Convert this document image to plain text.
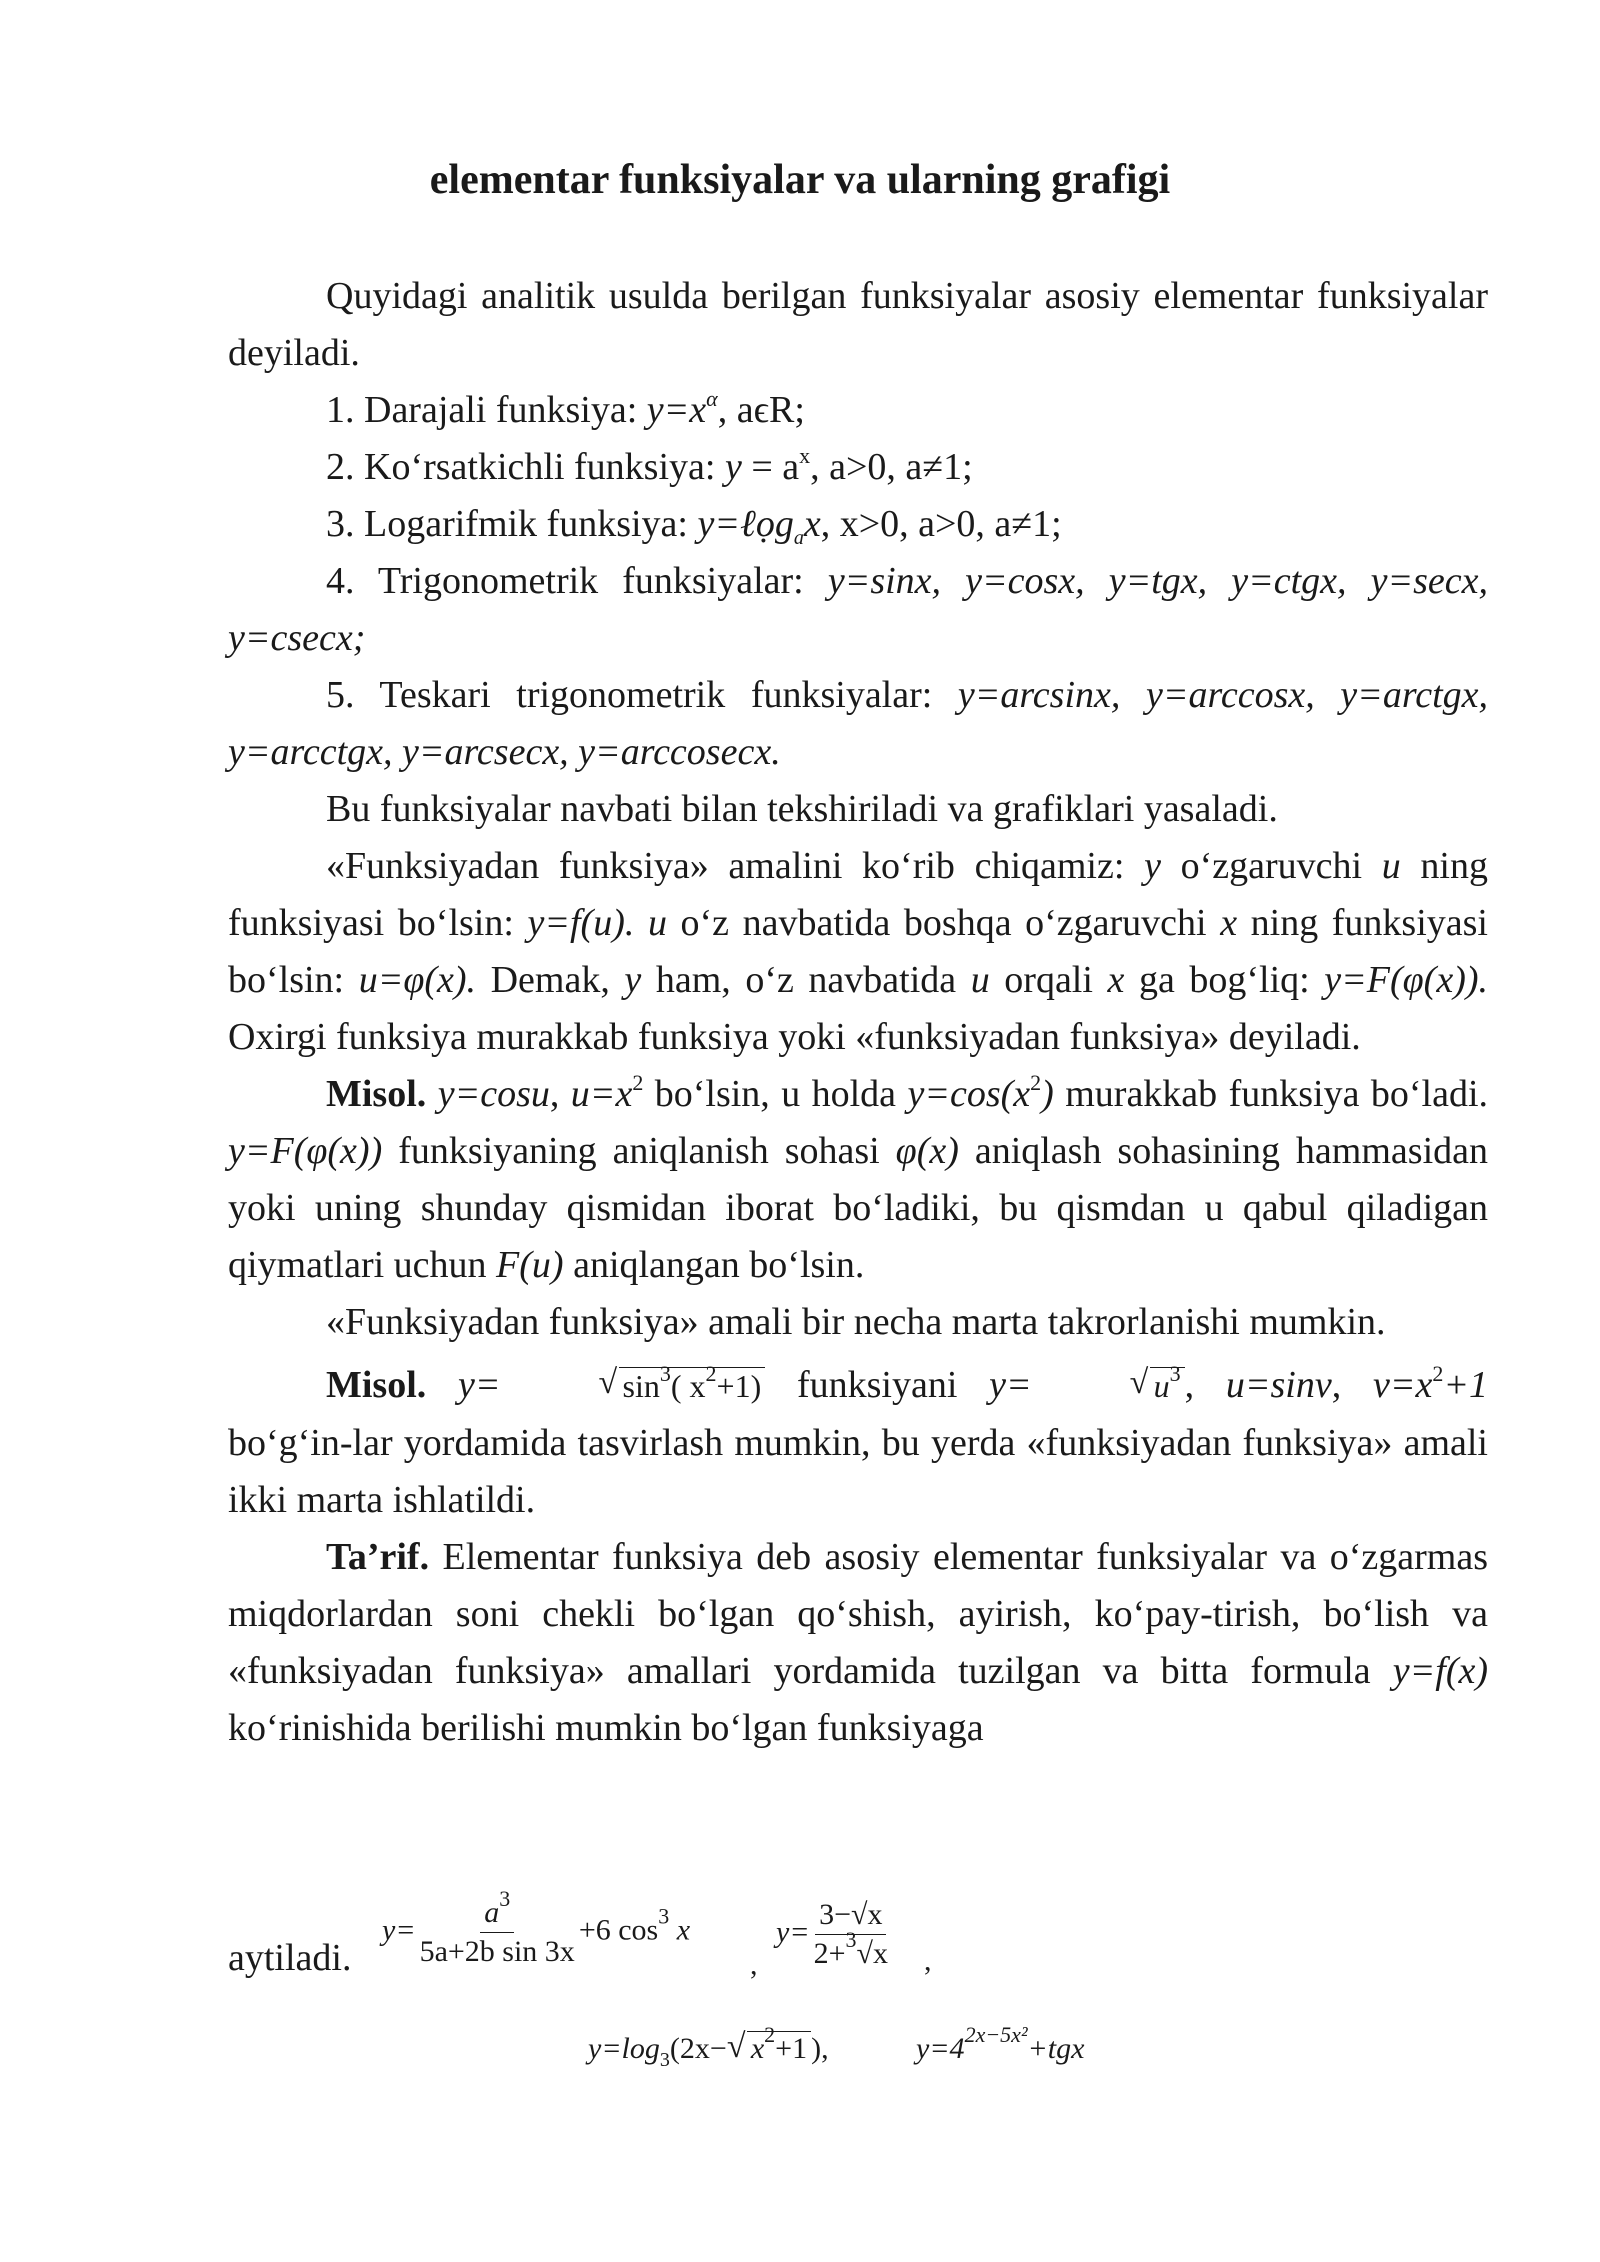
elementar funksiyalar va ularning grafigi

Quyidagi analitik usulda berilgan funksiyalar asosiy elementar funksiyalar deyiladi.

1. Darajali funksiya: $y=x^\alpha$, aϵR;

2. Ko‘rsatkichli funksiya: $y = a^x$, a>0, a≠1;

3. Logarifmik funksiya: y=ℓọg$_a$x, x>0, a>0, a≠1;

4. Trigonometrik funksiyalar: y=sinx, y=cosx, y=tgx, y=ctgx, y=secx, y=csecx;

5. Teskari trigonometrik funksiyalar: y=arcsinx, y=arccosx, y=arctgx, y=arcctgx, y=arcsecx, y=arccosecx.

Bu funksiyalar navbati bilan tekshiriladi va grafiklari yasaladi.

«Funksiyadan funksiya» amalini ko‘rib chiqamiz: y o‘zgaruvchi u ning funksiyasi bo‘lsin: y=f(u). u o‘z navbatida boshqa o‘zgaruvchi x ning funksiyasi bo‘lsin: u=φ(x). Demak, y ham, o‘z navbatida u orqali x ga bog‘liq: y=F(φ(x)). Oxirgi funksiya murakkab funksiya yoki «funksiyadan funksiya» deyiladi.

Misol. y=cosu, $u=x^2$ bo‘lsin, u holda $y=\cos(x^2)$ murakkab funksiya bo‘ladi. y=F(φ(x)) funksiyaning aniqlanish sohasi φ(x) aniqlash sohasining hammasidan yoki uning shunday qismidan iborat bo‘ladiki, bu qismdan u qabul qiladigan qiymatlari uchun F(u) aniqlangan bo‘lsin.

«Funksiyadan funksiya» amali bir necha marta takrorlanishi mumkin.

Misol. y=	√ $\sin^3$( $x^2+1$) funksiyani y=	√ $u^3$ , u=sinv, $v=x^2+1$ bo‘g‘in-lar yordamida tasvirlash mumkin, bu yerda «funksiyadan funksiya» amali ikki marta ishlatildi.

Ta’rif. Elementar funksiya deb asosiy elementar funksiyalar va o‘zgarmas miqdorlardan soni chekli bo‘lgan qo‘shish, ayirish, ko‘pay-tirish, bo‘lish va «funksiyadan funksiya» amallari yordamida tuzilgan va bitta formula y=f(x) ko‘rinishida berilishi mumkin bo‘lgan funksiyaga

aytiladi.
$y= \frac{a^3}{\text{5a+2b sin 3x}} +6$ $\cos^3 x$
,
$y= \frac{3-√x}{2+^3√x}$ ,
$y=\log_3(2x-$ √ $x^2+1$ ),	$y=4^{2x-5x^2}+tgx$
